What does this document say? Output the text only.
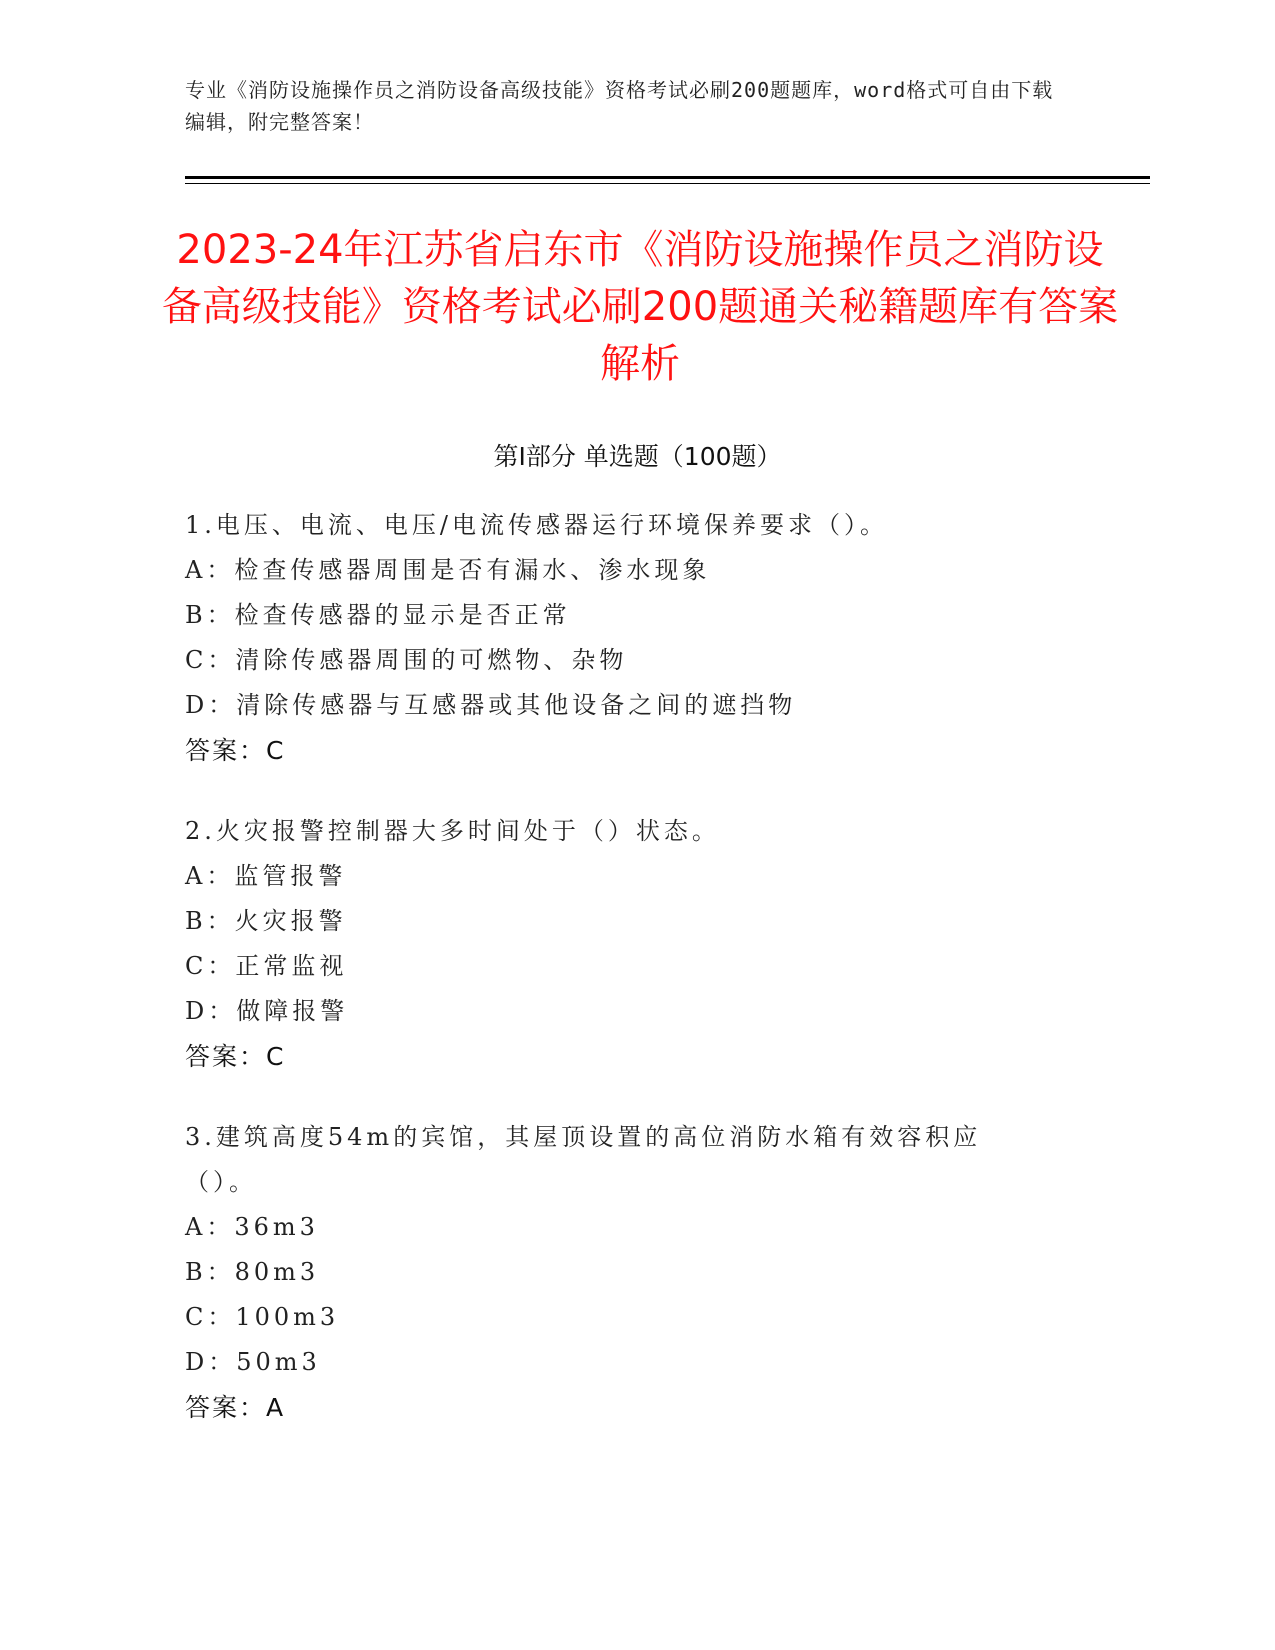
专业《消防设施操作员之消防设备高级技能》资格考试必刷200题题库，word格式可自由下载编辑，附完整答案！
2023-24年江苏省启东市《消防设施操作员之消防设备高级技能》资格考试必刷200题通关秘籍题库有答案解析
第Ⅰ部分 单选题（100题）
1.电压、电流、电压/电流传感器运行环境保养要求（）。
A：检查传感器周围是否有漏水、渗水现象
B：检查传感器的显示是否正常
C：清除传感器周围的可燃物、杂物
D：清除传感器与互感器或其他设备之间的遮挡物
答案：C
2.火灾报警控制器大多时间处于（）状态。
A：监管报警
B：火灾报警
C：正常监视
D：做障报警
答案：C
3.建筑高度54m的宾馆，其屋顶设置的高位消防水箱有效容积应（）。
A：36m3
B：80m3
C：100m3
D：50m3
答案：A
